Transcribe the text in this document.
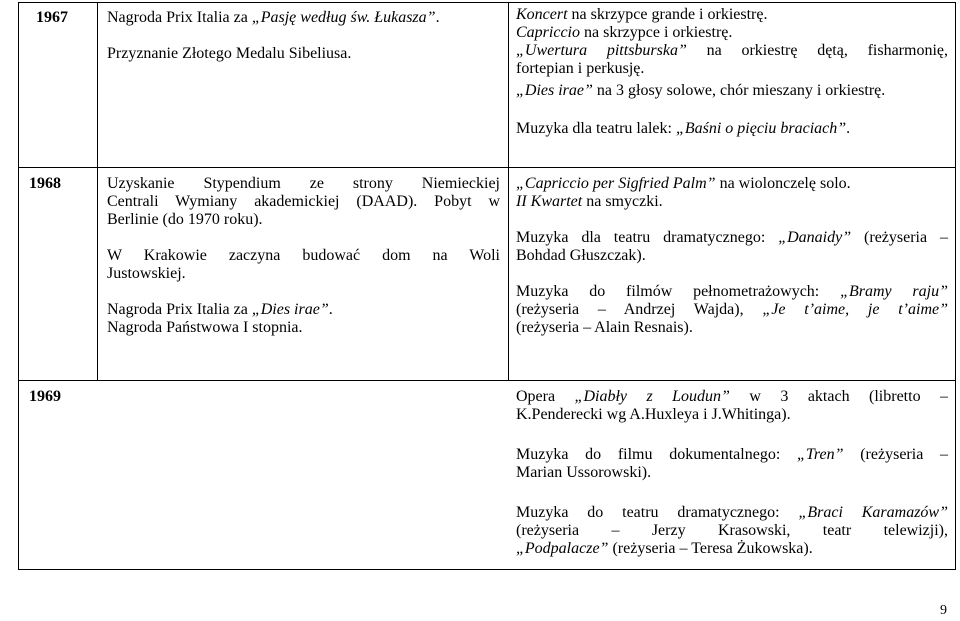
1967 Nagroda Prix Italia za „Pasję według św. Łukasza”.

Przyznanie Złotego Medalu Sibeliusa.

Koncert na skrzypce grande i orkiestrę.

Capriccio na skrzypce i orkiestrę.

„Uwertura pittsburska” na orkiestrę dętą, fisharmonię,

fortepian i perkusję.

„Dies irae” na 3 głosy solowe, chór mieszany i orkiestrę.

Muzyka dla teatru lalek: „Baśni o pięciu braciach”.

1968	Uzyskanie Stypendium ze strony Niemieckiej

Centrali Wymiany akademickiej (DAAD). Pobyt w

Berlinie (do 1970 roku).

W Krakowie zaczyna budować dom na Woli

Justowskiej.

Nagroda Prix Italia za „Dies irae”.

Nagroda Państwowa I stopnia.

„Capriccio per Sigfried Palm” na wiolonczelę solo.

II Kwartet na smyczki.

Muzyka dla teatru dramatycznego: „Danaidy” (reżyseria –

Bohdad Głuszczak).

Muzyka do filmów pełnometrażowych: „Bramy raju”

(reżyseria – Andrzej Wajda), „Je t’aime, je t’aime”

(reżyseria – Alain Resnais).

1969	Opera „Diabły z Loudun” w 3 aktach (libretto –

K.Penderecki wg A.Huxleya i J.Whitinga).

Muzyka do filmu dokumentalnego: „Tren” (reżyseria –

Marian Ussorowski).

Muzyka do teatru dramatycznego: „Braci Karamazów”

(reżyseria – Jerzy Krasowski, teatr telewizji),

„Podpalacze” (reżyseria – Teresa Żukowska).

9
